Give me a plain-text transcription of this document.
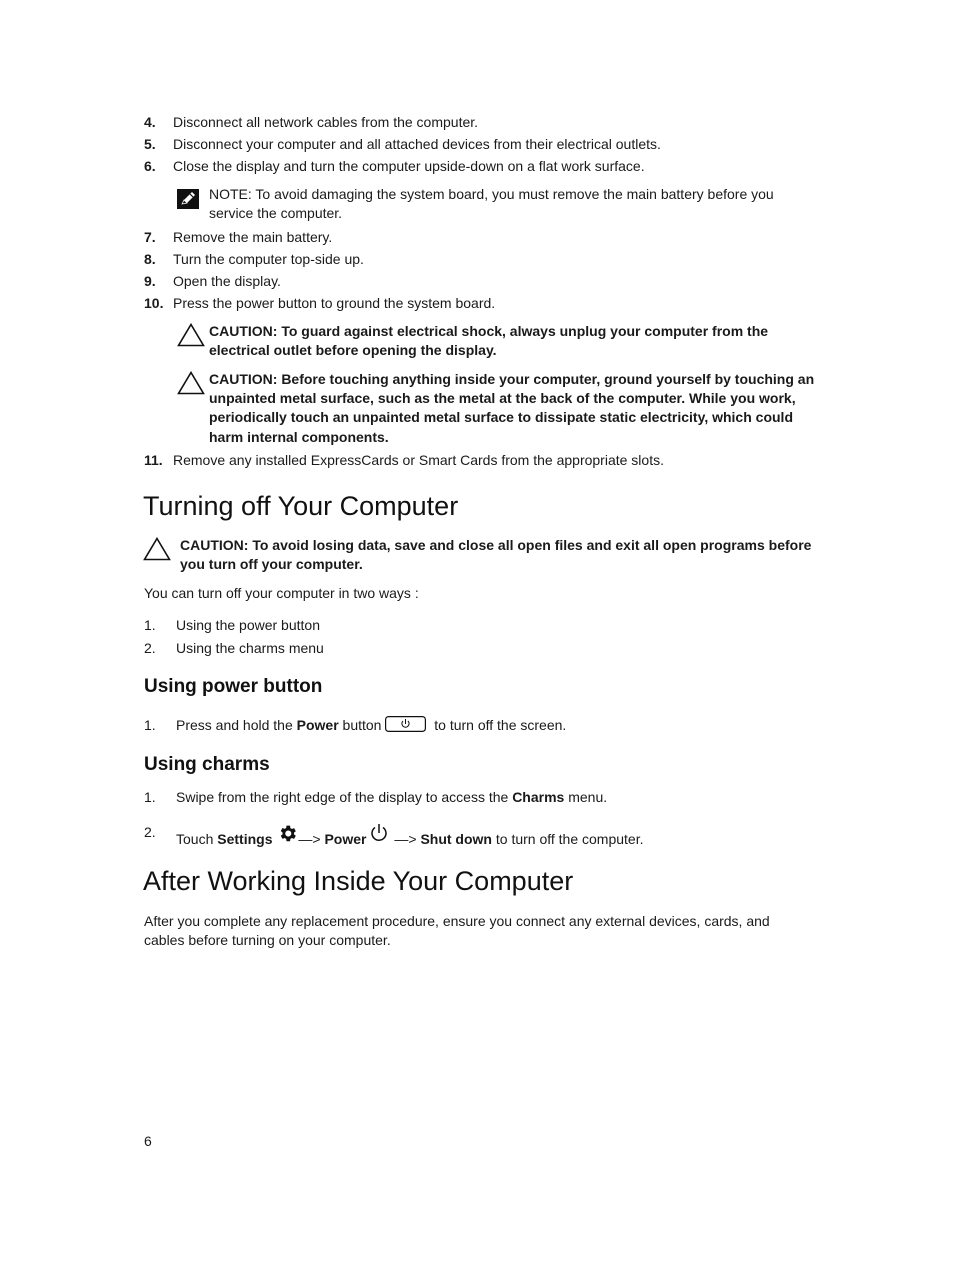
4. Disconnect all network cables from the computer.
5. Disconnect your computer and all attached devices from their electrical outlets.
6. Close the display and turn the computer upside-down on a flat work surface.
NOTE: To avoid damaging the system board, you must remove the main battery before you
service the computer.
7. Remove the main battery.
8. Turn the computer top-side up.
9. Open the display.
10. Press the power button to ground the system board.
CAUTION: To guard against electrical shock, always unplug your computer from the
electrical outlet before opening the display.
CAUTION: Before touching anything inside your computer, ground yourself by touching an
unpainted metal surface, such as the metal at the back of the computer. While you work,
periodically touch an unpainted metal surface to dissipate static electricity, which could
harm internal components.
11. Remove any installed ExpressCards or Smart Cards from the appropriate slots.
Turning off Your Computer
CAUTION: To avoid losing data, save and close all open files and exit all open programs before
you turn off your computer.
You can turn off your computer in two ways :
1. Using the power button
2. Using the charms menu
Using power button
1. Press and hold the Power button	to turn off the screen.
Using charms
1. Swipe from the right edge of the display to access the Charms menu.
2. Touch Settings —> Power —> Shut down to turn off the computer.
After Working Inside Your Computer
After you complete any replacement procedure, ensure you connect any external devices, cards, and
cables before turning on your computer.
6
